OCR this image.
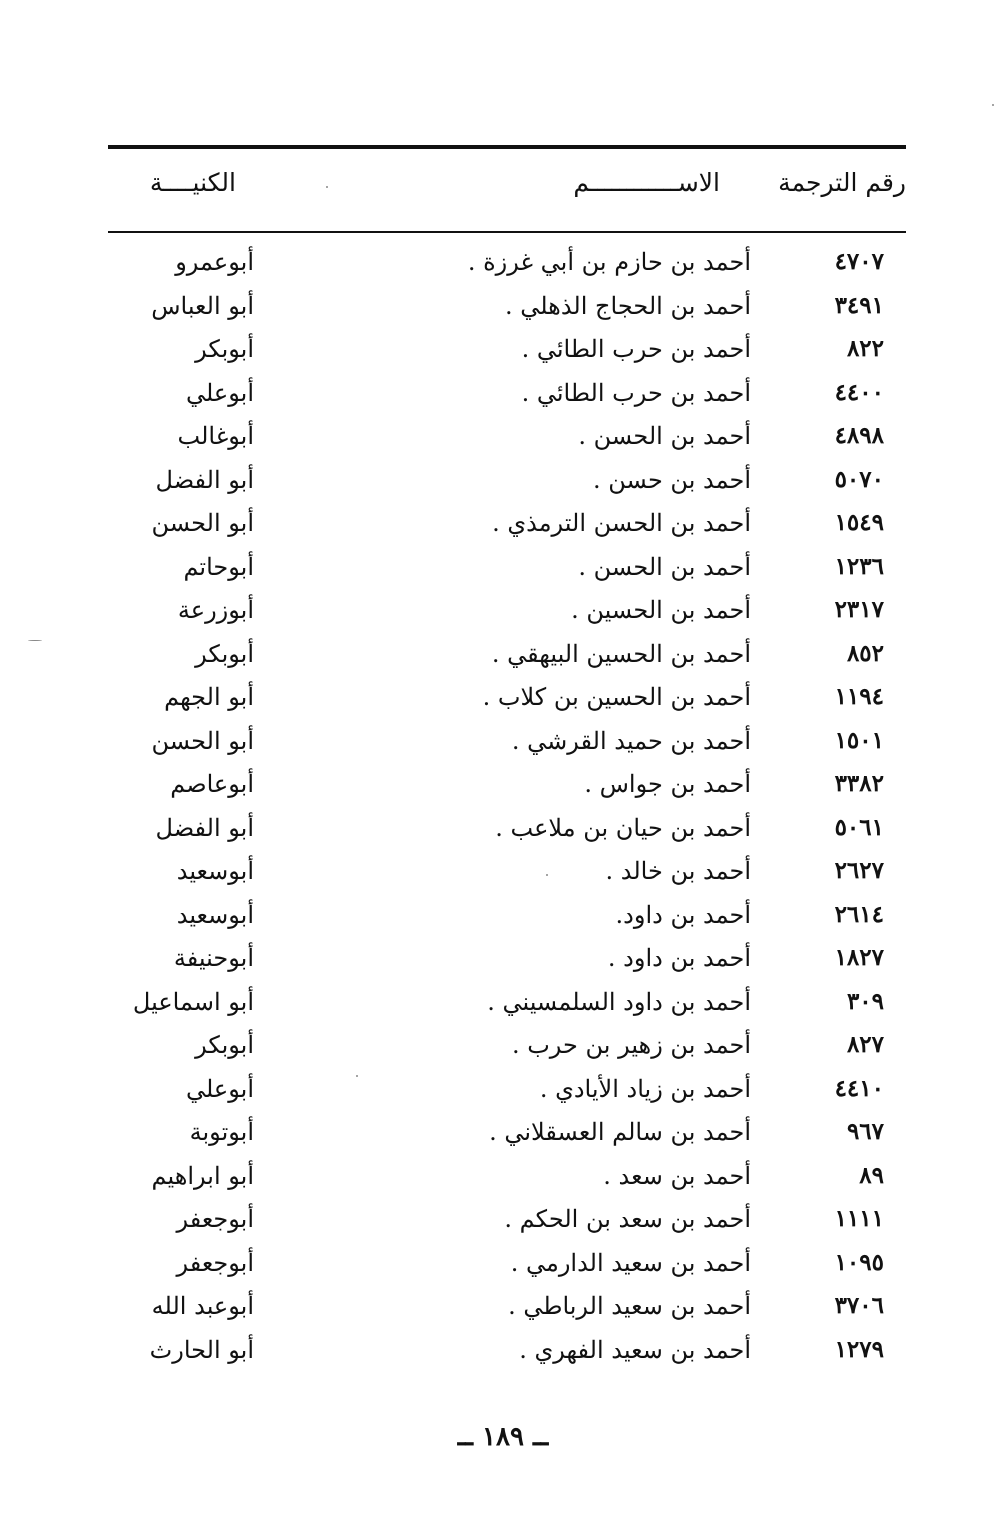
رقم الترجمة
الاســــــــــــم
الكنيــــة
٤٧٠٧
أحمد بن حازم بن أبي غرزة .
أبوعمرو
٣٤٩١
أحمد بن الحجاج الذهلي .
أبو العباس
٨٢٢
أحمد بن حرب الطائي .
أبوبكر
٤٤٠٠
أحمد بن حرب الطائي .
أبوعلي
٤٨٩٨
أحمد بن الحسن .
أبوغالب
٥٠٧٠
أحمد بن حسن .
أبو الفضل
١٥٤٩
أحمد بن الحسن الترمذي .
أبو الحسن
١٢٣٦
أحمد بن الحسن .
أبوحاتم
٢٣١٧
أحمد بن الحسين .
أبوزرعة
٨٥٢
أحمد بن الحسين البيهقي .
أبوبكر
١١٩٤
أحمد بن الحسين بن كلاب .
أبو الجهم
١٥٠١
أحمد بن حميد القرشي .
أبو الحسن
٣٣٨٢
أحمد بن جواس .
أبوعاصم
٥٠٦١
أحمد بن حيان بن ملاعب .
أبو الفضل
٢٦٢٧
أحمد بن خالد .
أبوسعيد
٢٦١٤
أحمد بن داود.
أبوسعيد
١٨٢٧
أحمد بن داود .
أبوحنيفة
٣٠٩
أحمد بن داود السلمسيني .
أبو اسماعيل
٨٢٧
أحمد بن زهير بن حرب .
أبوبكر
٤٤١٠
أحمد بن زياد الأيادي .
أبوعلي
٩٦٧
أحمد بن سالم العسقلاني .
أبوتوبة
٨٩
أحمد بن سعد .
أبو ابراهيم
١١١١
أحمد بن سعد بن الحكم .
أبوجعفر
١٠٩٥
أحمد بن سعيد الدارمي .
أبوجعفر
٣٧٠٦
أحمد بن سعيد الرباطي .
أبوعبد الله
١٢٧٩
أحمد بن سعيد الفهري .
أبو الحارث
ــ ١٨٩ ــ
